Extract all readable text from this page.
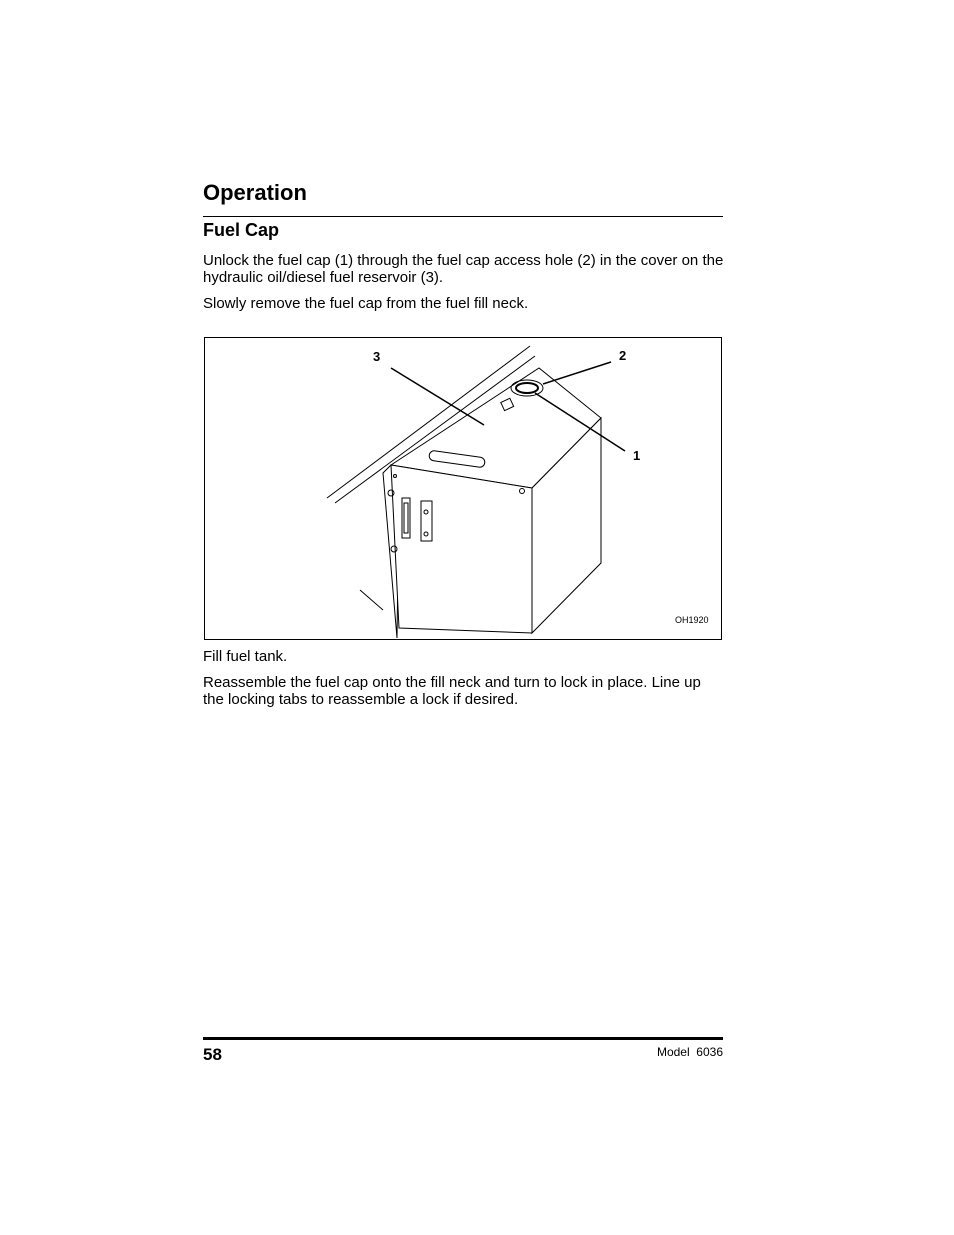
Operation
Fuel Cap

Unlock the fuel cap (1) through the fuel cap access hole (2) in the cover on the hydraulic oil/diesel fuel reservoir (3).

Slowly remove the fuel cap from the fuel fill neck.

3	2
1
OH1920

Fill fuel tank.

Reassemble the fuel cap onto the fill neck and turn to lock in place. Line up the locking tabs to reassemble a lock if desired.

58	Model  6036
